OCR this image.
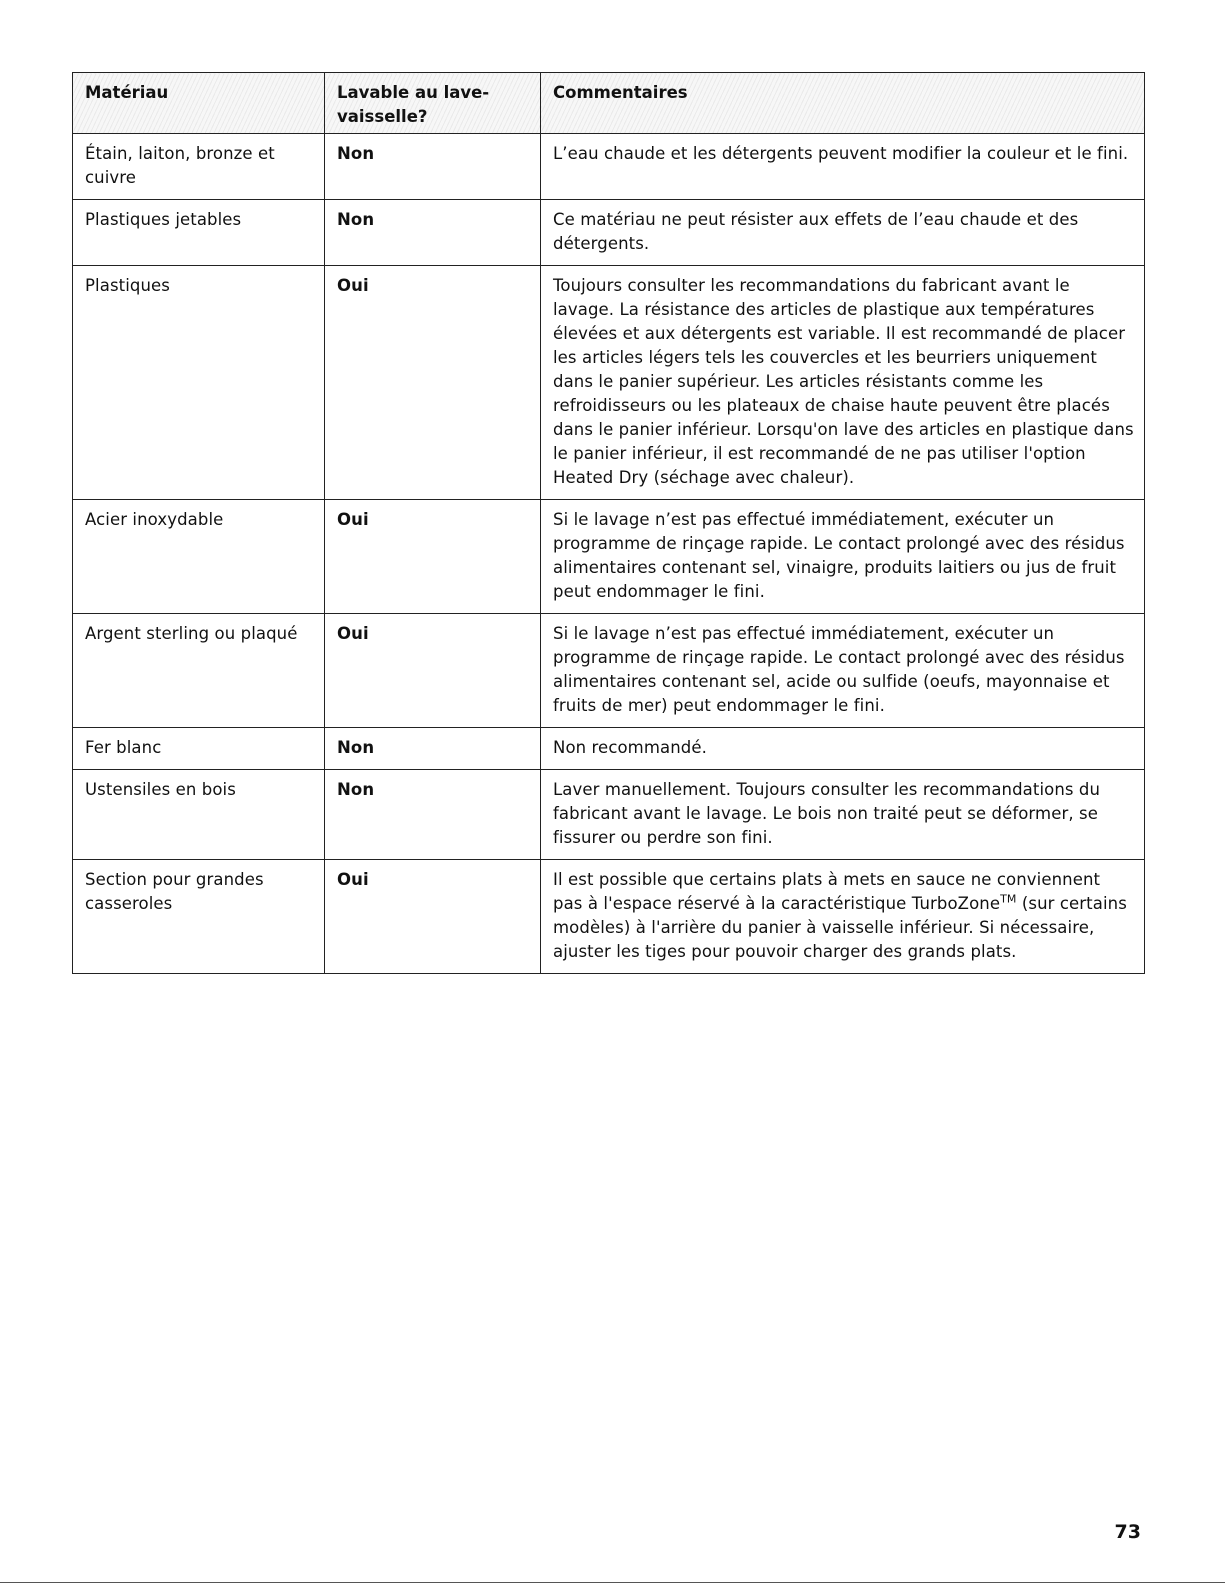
Matériau	Lavable au lave-vaisselle?	Commentaires
Étain, laiton, bronze et cuivre	Non	L’eau chaude et les détergents peuvent modifier la couleur et le fini.
Plastiques jetables	Non	Ce matériau ne peut résister aux effets de l’eau chaude et des détergents.
Plastiques	Oui	Toujours consulter les recommandations du fabricant avant le lavage. La résistance des articles de plastique aux températures élevées et aux détergents est variable. Il est recommandé de placer les articles légers tels les couvercles et les beurriers uniquement dans le panier supérieur. Les articles résistants comme les refroidisseurs ou les plateaux de chaise haute peuvent être placés dans le panier inférieur. Lorsqu'on lave des articles en plastique dans le panier inférieur, il est recommandé de ne pas utiliser l'option Heated Dry (séchage avec chaleur).
Acier inoxydable	Oui	Si le lavage n’est pas effectué immédiatement, exécuter un programme de rinçage rapide. Le contact prolongé avec des résidus alimentaires contenant sel, vinaigre, produits laitiers ou jus de fruit peut endommager le fini.
Argent sterling ou plaqué	Oui	Si le lavage n’est pas effectué immédiatement, exécuter un programme de rinçage rapide. Le contact prolongé avec des résidus alimentaires contenant sel, acide ou sulfide (oeufs, mayonnaise et fruits de mer) peut endommager le fini.
Fer blanc	Non	Non recommandé.
Ustensiles en bois	Non	Laver manuellement. Toujours consulter les recommandations du fabricant avant le lavage. Le bois non traité peut se déformer, se fissurer ou perdre son fini.
Section pour grandes casseroles	Oui	Il est possible que certains plats à mets en sauce ne conviennent pas à l'espace réservé à la caractéristique TurboZone™ (sur certains modèles) à l'arrière du panier à vaisselle inférieur. Si nécessaire, ajuster les tiges pour pouvoir charger des grands plats.
73
